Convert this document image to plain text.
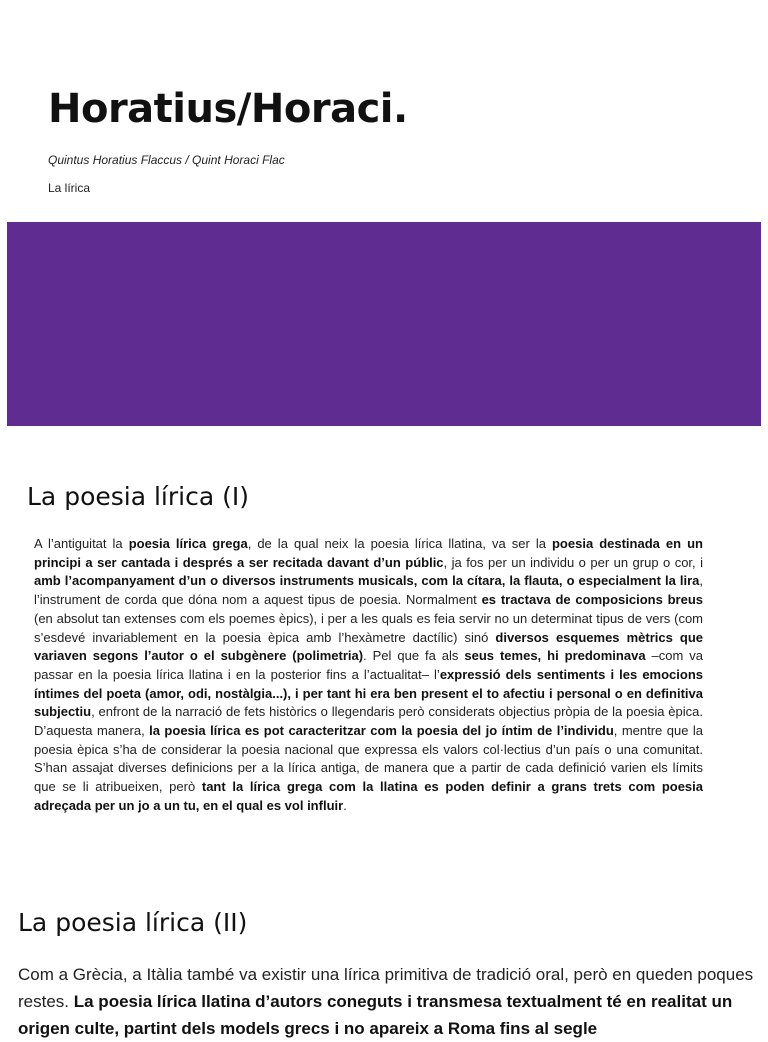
Horatius/Horaci.

Quintus Horatius Flaccus / Quint Horaci Flac

La lírica

La poesia lírica (I)

A l’antiguitat la poesia lírica grega, de la qual neix la poesia lírica llatina, va ser la poesia destinada en un principi a ser cantada i després a ser recitada davant d’un públic, ja fos per un individu o per un grup o cor, i amb l’acompanyament d’un o diversos instruments musicals, com la cítara, la flauta, o especialment la lira, l’instrument de corda que dóna nom a aquest tipus de poesia. Normalment es tractava de composicions breus (en absolut tan extenses com els poemes èpics), i per a les quals es feia servir no un determinat tipus de vers (com s’esdevé invariablement en la poesia èpica amb l’hexàmetre dactílic) sinó diversos esquemes mètrics que variaven segons l’autor o el subgènere (polimetria). Pel que fa als seus temes, hi predominava –com va passar en la poesia lírica llatina i en la posterior fins a l’actualitat– l’expressió dels sentiments i les emocions íntimes del poeta (amor, odi, nostàlgia...), i per tant hi era ben present el to afectiu i personal o en definitiva subjectiu, enfront de la narració de fets històrics o llegendaris però considerats objectius pròpia de la poesia èpica. D’aquesta manera, la poesia lírica es pot caracteritzar com la poesia del jo íntim de l’individu, mentre que la poesia èpica s’ha de considerar la poesia nacional que expressa els valors col·lectius d’un país o una comunitat. S’han assajat diverses definicions per a la lírica antiga, de manera que a partir de cada definició varien els límits que se li atribueixen, però tant la lírica grega com la llatina es poden definir a grans trets com poesia adreçada per un jo a un tu, en el qual es vol influir.

La poesia lírica (II)

Com a Grècia, a Itàlia també va existir una lírica primitiva de tradició oral, però en queden poques restes. La poesia lírica llatina d’autors coneguts i transmesa textualment té en realitat un origen culte, partint dels models grecs i no apareix a Roma fins al segle
